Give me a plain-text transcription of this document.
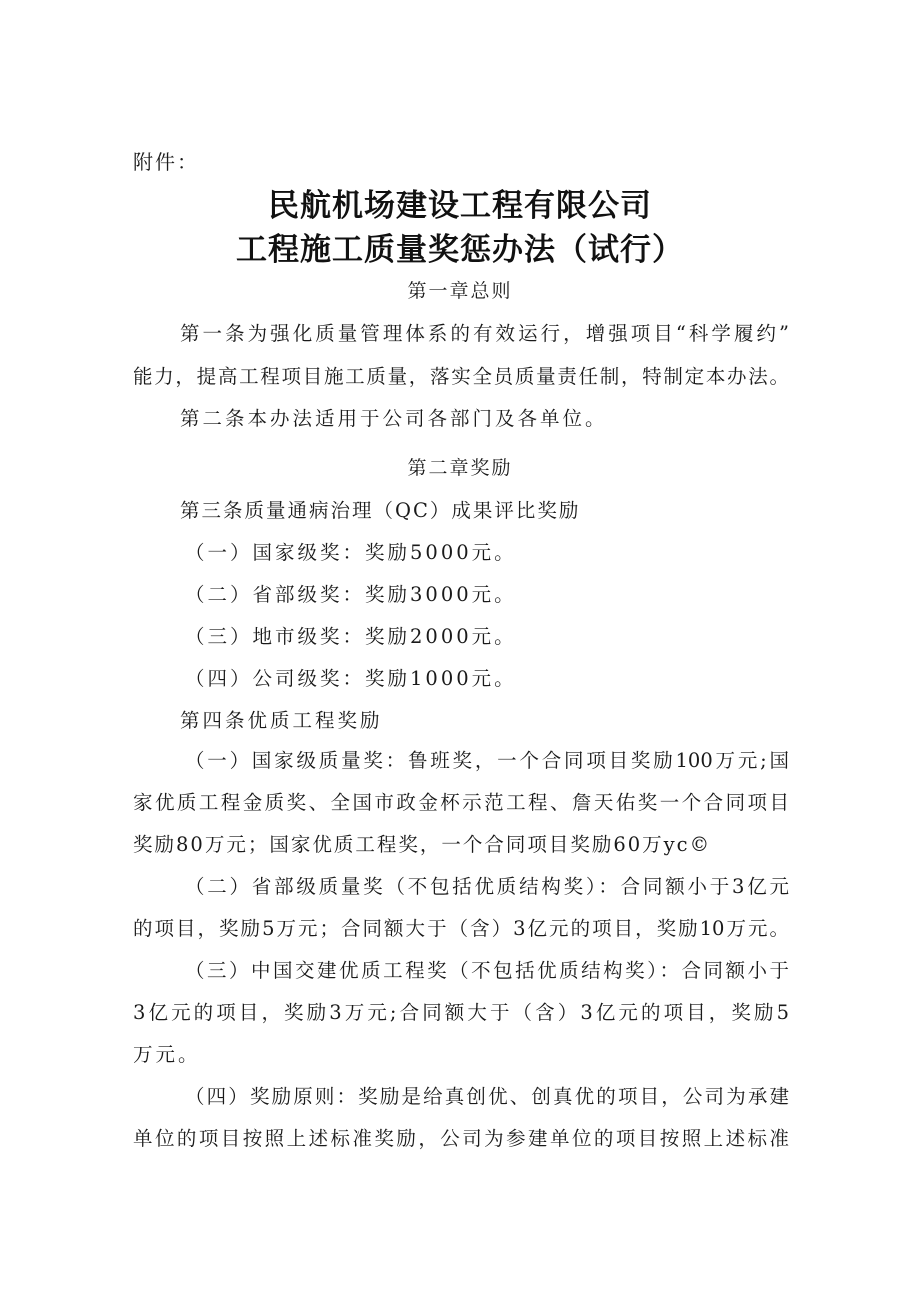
附件：
民航机场建设工程有限公司
工程施工质量奖惩办法（试行）
第一章总则
第一条为强化质量管理体系的有效运行，增强项目“科学履约”
能力，提高工程项目施工质量，落实全员质量责任制，特制定本办法。
第二条本办法适用于公司各部门及各单位。
第二章奖励
第三条质量通病治理（QC）成果评比奖励
（一）国家级奖：奖励5000元。
（二）省部级奖：奖励3000元。
（三）地市级奖：奖励2000元。
（四）公司级奖：奖励1000元。
第四条优质工程奖励
（一）国家级质量奖：鲁班奖，一个合同项目奖励100万元;国
家优质工程金质奖、全国市政金杯示范工程、詹天佑奖一个合同项目
奖励80万元；国家优质工程奖，一个合同项目奖励60万yc©
（二）省部级质量奖（不包括优质结构奖）：合同额小于3亿元
的项目，奖励5万元；合同额大于（含）3亿元的项目，奖励10万元。
（三）中国交建优质工程奖（不包括优质结构奖）：合同额小于
3亿元的项目，奖励3万元;合同额大于（含）3亿元的项目，奖励5
万元。
（四）奖励原则：奖励是给真创优、创真优的项目，公司为承建
单位的项目按照上述标准奖励，公司为参建单位的项目按照上述标准
